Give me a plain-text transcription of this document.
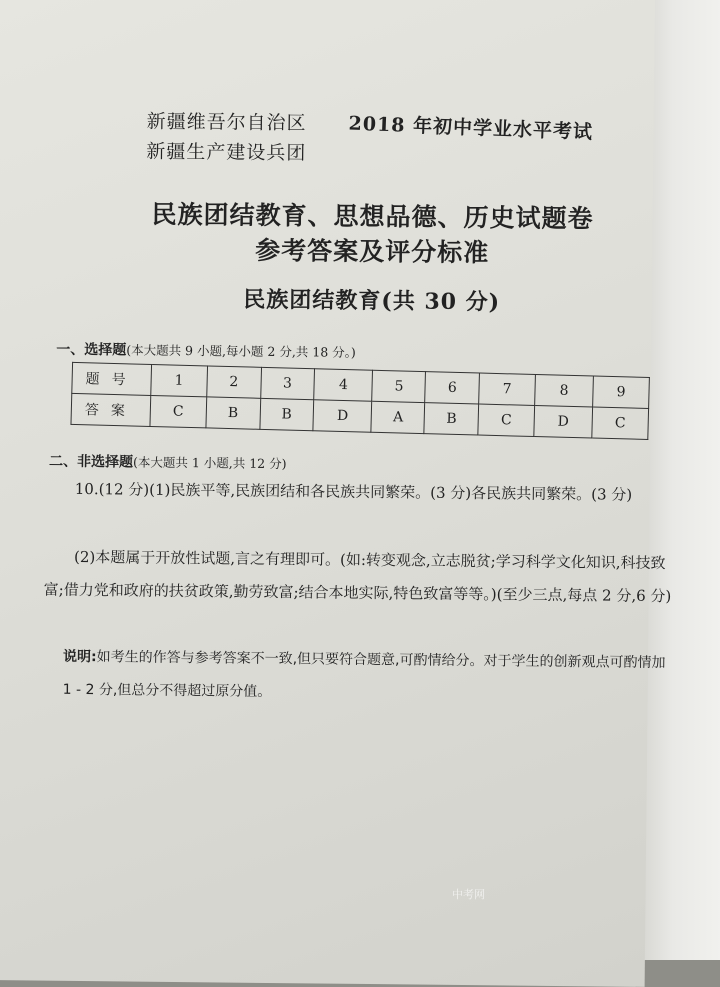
新疆维吾尔自治区
新疆生产建设兵团
2018 年初中学业水平考试
民族团结教育、思想品德、历史试题卷
参考答案及评分标准
民族团结教育(共 30 分)
一、选择题(本大题共 9 小题,每小题 2 分,共 18 分。)
题号	1	2	3	4	5	6	7	8	9
答案	C	B	B	D	A	B	C	D	C
二、非选择题(本大题共 1 小题,共 12 分)
10.(12 分)(1)民族平等,民族团结和各民族共同繁荣。(3 分)各民族共同繁荣。(3 分)
(2)本题属于开放性试题,言之有理即可。(如:转变观念,立志脱贫;学习科学文化知识,科技致富;借力党和政府的扶贫政策,勤劳致富;结合本地实际,特色致富等等。)(至少三点,每点 2 分,6 分)
说明:如考生的作答与参考答案不一致,但只要符合题意,可酌情给分。对于学生的创新观点可酌情加 1 - 2 分,但总分不得超过原分值。
中考网
